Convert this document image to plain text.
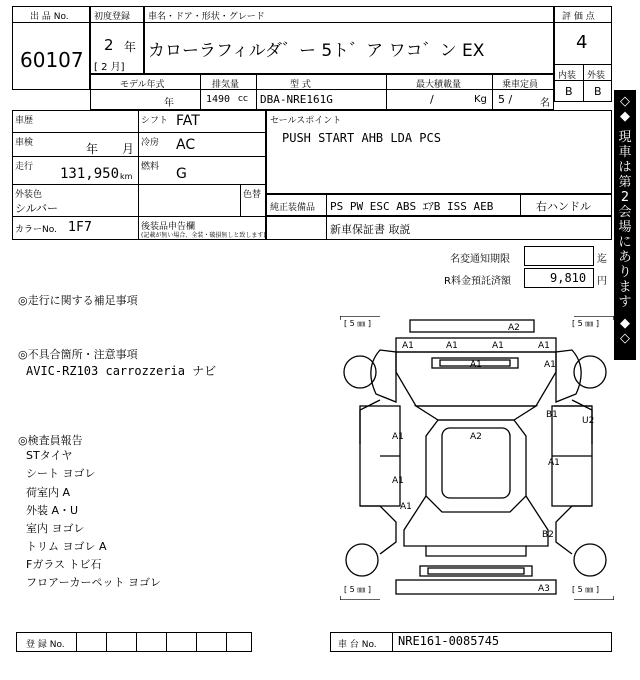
出 品 No.
60107
初度登録
2 年
[ 2 月]
車名・ドア・形状・グレード
カローラフィルダ゛ー 5ト゛ア ワコ゛ン EX
評 価 点
4
内装 外装
B B
モデル年式
年
排気量
1490 cc
型 式
DBA-NRE161G
最大積載量
/	Kg
乗車定員
5 /	名
車歴	シフト FAT
車検	年 月 冷房 AC
走行 131,950 km
燃料 G
外装色
シルバー
色替
カラーNo. 1F7	後装品申告欄
(記載が無い場合、全装・破損無しと致します)
セールスポイント
PUSH START AHB LDA PCS
純正装備品 PS PW ESC ABS ｴｱB ISS AEB	右ハンドル
新車保証書 取説
名変通知期限	迄
R料金預託済額	9,810 円
◎走行に関する補足事項
◎不具合箇所・注意事項
AVIC-RZ103 carrozzeria ナビ
◎検査員報告
STタイヤ
シート ヨゴレ
荷室内 A
外装 A・U
室内 ヨゴレ
トリム ヨゴレ A
Fガラス トビ石
フロアーカーペット ヨゴレ
[ 5 ㎜ ]	[ 5 ㎜ ]
[ 5 ㎜ ]	[ 5 ㎜ ]
A2
A1	A1	A1	A1
A1	A1
A1	A2
B1
U2
A1
A1
A1
B2
A3
◇
◆
現
車
は
第
2
会
場
に
あ
り
ま
す
◆
◇
登 録 No.	車 台 No. NRE161-0085745
